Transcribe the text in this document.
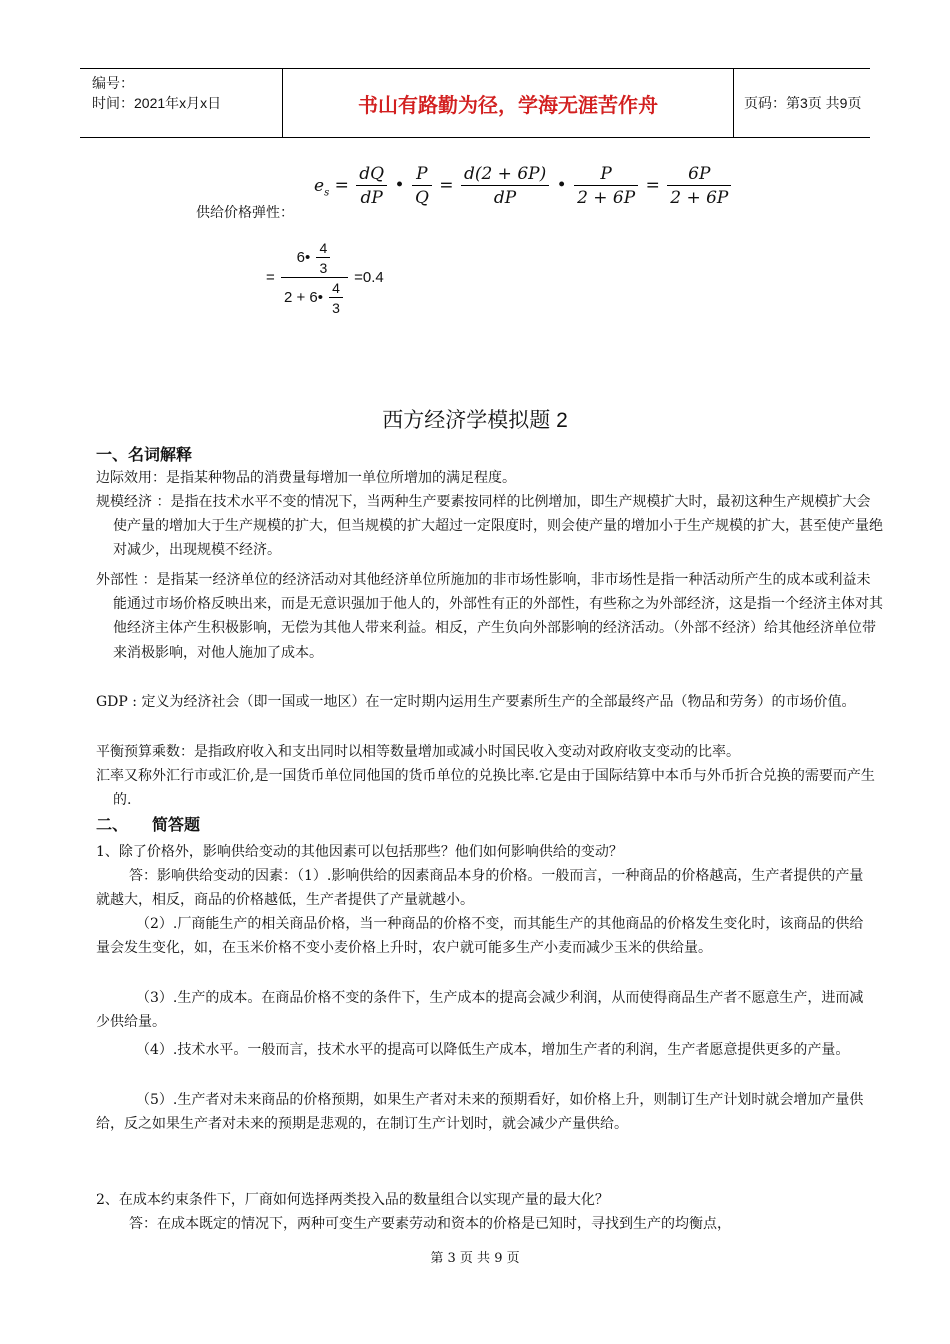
编号：
时间：2021年x月x日	书山有路勤为径，学海无涯苦作舟	页码：第3页 共9页
供给价格弹性：
$e_s = \frac{dQ}{dP}$ • $\frac{P}{Q} = \frac{d(2 + 6P)}{dP}$ • $\frac{P}{2 + 6P} = \frac{6P}{2 + 6P}$
= $\frac{6• \frac{4}{3}}{2 + 6• \frac{4}{3}} =0.4$
西方经济学模拟题 2
一、名词解释

边际效用：是指某种物品的消费量每增加一单位所增加的满足程度。

规模经济 ：是指在技术水平不变的情况下，当两种生产要素按同样的比例增加，即生产规模扩大时，最初这种生产规模扩大会使产量的增加大于生产规模的扩大，但当规模的扩大超过一定限度时，则会使产量的增加小于生产规模的扩大，甚至使产量绝对减少，出现规模不经济。

外部性 ：是指某一经济单位的经济活动对其他经济单位所施加的非市场性影响，非市场性是指一种活动所产生的成本或利益未能通过市场价格反映出来，而是无意识强加于他人的，外部性有正的外部性，有些称之为外部经济，这是指一个经济主体对其他经济主体产生积极影响，无偿为其他人带来利益。相反，产生负向外部影响的经济活动。（外部不经济）给其他经济单位带来消极影响，对他人施加了成本。

GDP : 定义为经济社会（即一国或一地区）在一定时期内运用生产要素所生产的全部最终产品（物品和劳务）的市场价值。

平衡预算乘数：是指政府收入和支出同时以相等数量增加或减小时国民收入变动对政府收支变动的比率。

汇率又称外汇行市或汇价,是一国货币单位同他国的货币单位的兑换比率.它是由于国际结算中本币与外币折合兑换的需要而产生的.

二、　　简答题

1、除了价格外，影响供给变动的其他因素可以包括那些？他们如何影响供给的变动？

答：影响供给变动的因素：（1）.影响供给的因素商品本身的价格。一般而言，一种商品的价格越高，生产者提供的产量就越大，相反，商品的价格越低，生产者提供了产量就越小。

（2）.厂商能生产的相关商品价格，当一种商品的价格不变，而其能生产的其他商品的价格发生变化时，该商品的供给量会发生变化，如，在玉米价格不变小麦价格上升时，农户就可能多生产小麦而减少玉米的供给量。

（3）.生产的成本。在商品价格不变的条件下，生产成本的提高会减少利润，从而使得商品生产者不愿意生产，进而减少供给量。

（4）.技术水平。一般而言，技术水平的提高可以降低生产成本，增加生产者的利润，生产者愿意提供更多的产量。

（5）.生产者对未来商品的价格预期，如果生产者对未来的预期看好，如价格上升，则制订生产计划时就会增加产量供给，反之如果生产者对未来的预期是悲观的，在制订生产计划时，就会减少产量供给。

2、在成本约束条件下，厂商如何选择两类投入品的数量组合以实现产量的最大化？

答：在成本既定的情况下，两种可变生产要素劳动和资本的价格是已知时，寻找到生产的均衡点，

第 3 页 共 9 页
